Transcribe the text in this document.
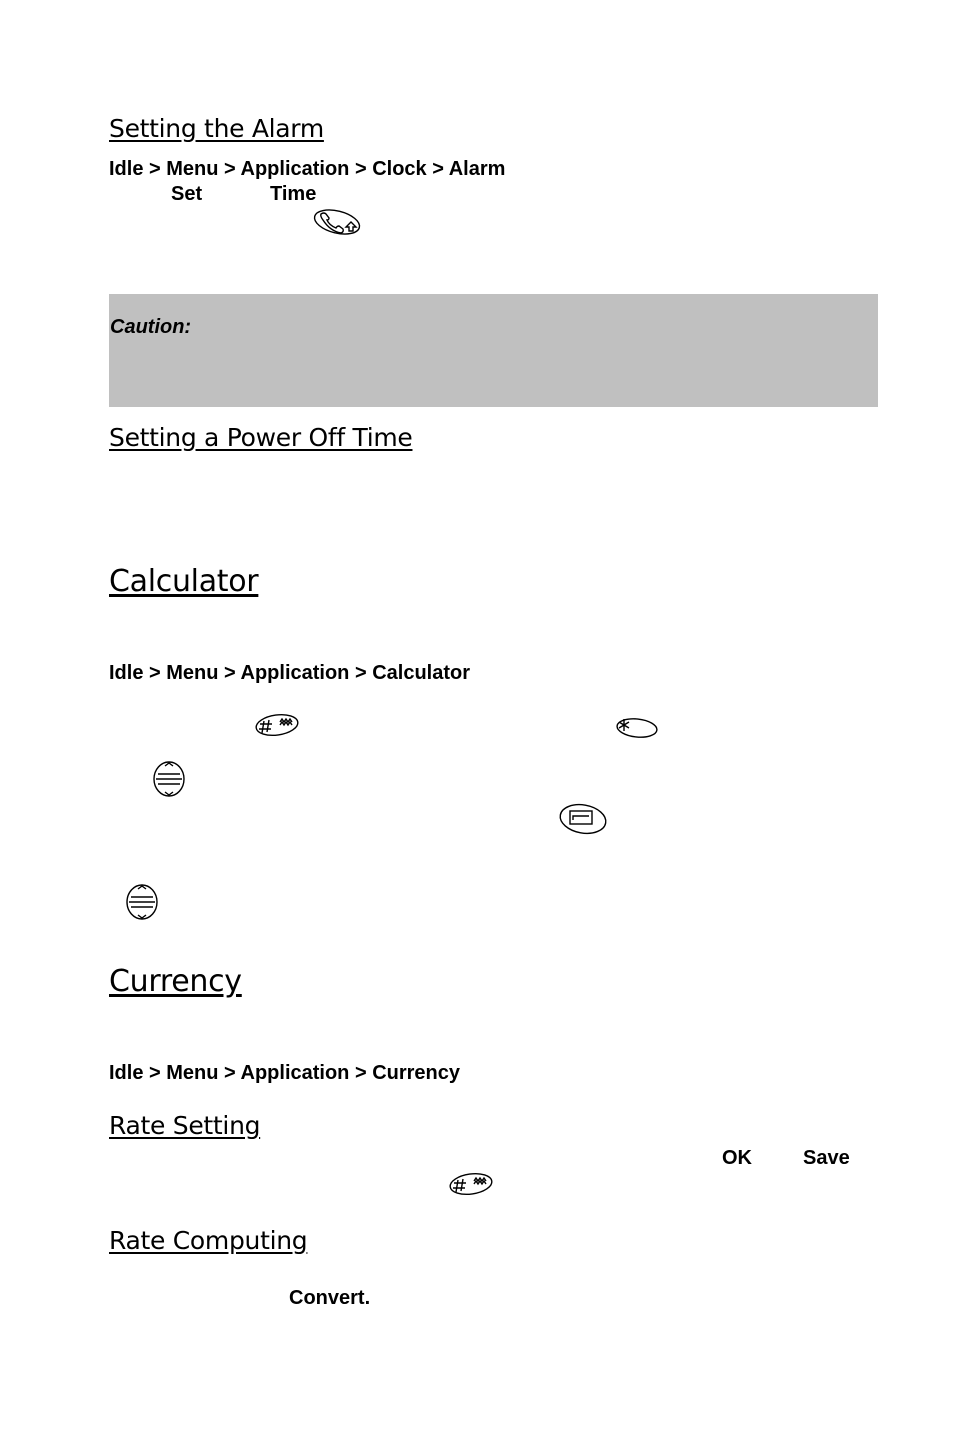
Setting the Alarm
Idle > Menu > Application > Clock > Alarm
Set	Time
Caution:
Setting a Power Off Time
Calculator
Idle > Menu > Application > Calculator
Currency
Idle > Menu > Application > Currency
Rate Setting
OK	Save
Rate Computing
Convert.
